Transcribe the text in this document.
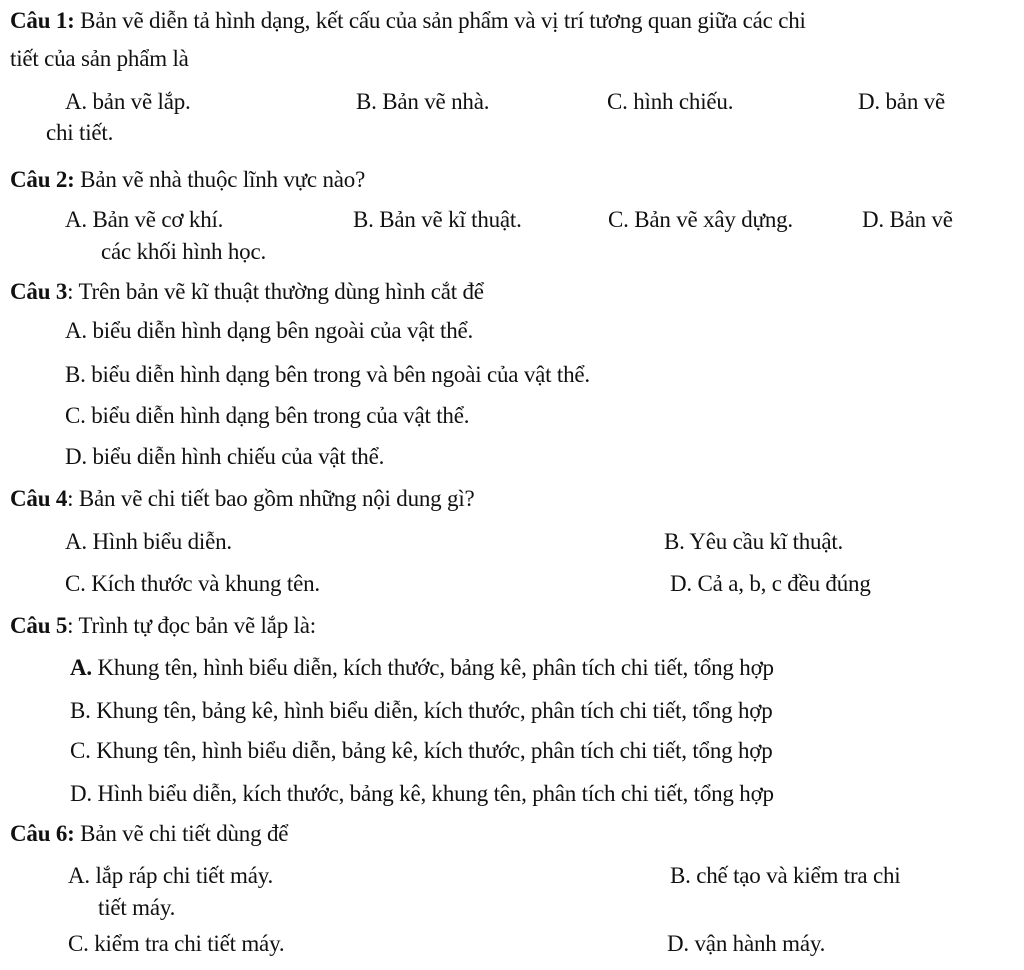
Câu 1: Bản vẽ diễn tả hình dạng, kết cấu của sản phẩm và vị trí tương quan giữa các chi
tiết của sản phẩm là
A. bản vẽ lắp.	B. Bản vẽ nhà.	C. hình chiếu.	D. bản vẽ
chi tiết.
Câu 2: Bản vẽ nhà thuộc lĩnh vực nào?
A. Bản vẽ cơ khí.	B. Bản vẽ kĩ thuật.	C. Bản vẽ xây dựng.	D. Bản vẽ
các khối hình học.
Câu 3: Trên bản vẽ kĩ thuật thường dùng hình cắt để
A. biểu diễn hình dạng bên ngoài của vật thể.
B. biểu diễn hình dạng bên trong và bên ngoài của vật thể.
C. biểu diễn hình dạng bên trong của vật thể.
D. biểu diễn hình chiếu của vật thể.
Câu 4: Bản vẽ chi tiết bao gồm những nội dung gì?
A. Hình biểu diễn.	B. Yêu cầu kĩ thuật.
C. Kích thước và khung tên.	D. Cả a, b, c đều đúng
Câu 5: Trình tự đọc bản vẽ lắp là:
A. Khung tên, hình biểu diễn, kích thước, bảng kê, phân tích chi tiết, tổng hợp
B. Khung tên, bảng kê, hình biểu diễn, kích thước, phân tích chi tiết, tổng hợp
C. Khung tên, hình biểu diễn, bảng kê, kích thước, phân tích chi tiết, tổng hợp
D. Hình biểu diễn, kích thước, bảng kê, khung tên, phân tích chi tiết, tổng hợp
Câu 6: Bản vẽ chi tiết dùng để
A. lắp ráp chi tiết máy.	B. chế tạo và kiểm tra chi
tiết máy.
C. kiểm tra chi tiết máy.	D. vận hành máy.
